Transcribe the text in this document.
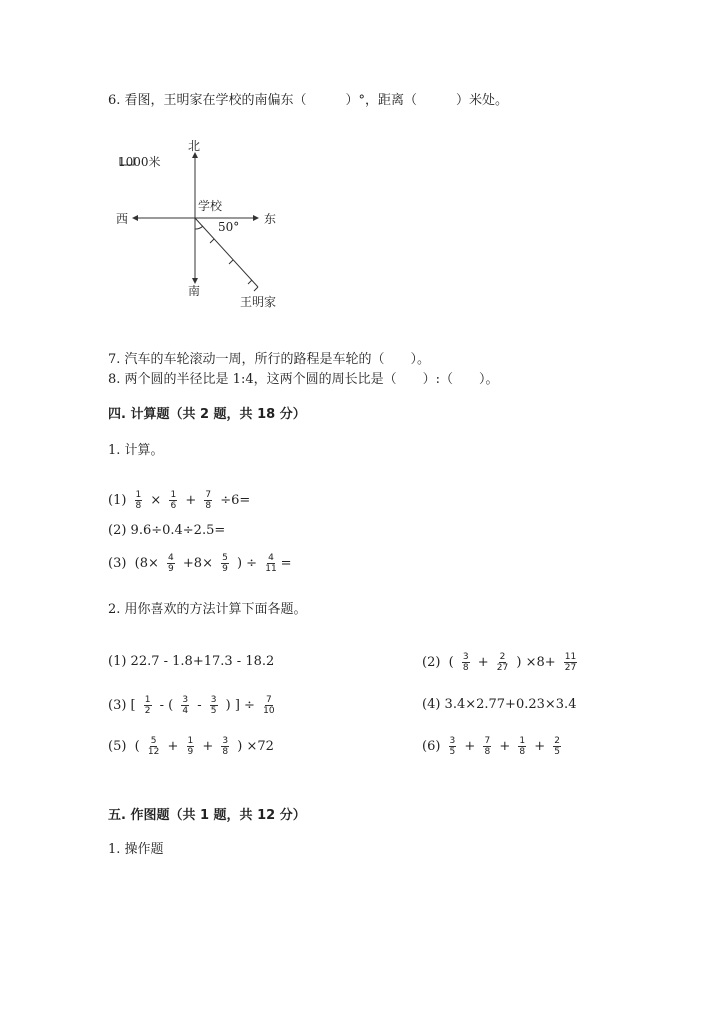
6. 看图，王明家在学校的南偏东（　　　）°，距离（　　　）米处。
北
南
东
西
学校
50°
1000米
王明家
7. 汽车的车轮滚动一周，所行的路程是车轮的（　　）。
8. 两个圆的半径比是 1:4，这两个圆的周长比是（　　）:（　　）。
四. 计算题（共 2 题，共 18 分）
1. 计算。
$(1) \frac{1}{8} \times \frac{1}{6} + \frac{7}{8} \div 6=$
(2) 9.6÷0.4÷2.5=
(3)  ($8\times \frac{4}{9} +8\times \frac{5}{9}$ ) ÷ $\frac{4}{11}$ =
2. 用你喜欢的方法计算下面各题。
(1) 22.7 - 1.8+17.3 - 18.2	(2)  ( $\frac{3}{8} + \frac{2}{27}$ ) $\times 8+ \frac{11}{27}$
(3) [ $\frac{1}{2}$ - ( $\frac{3}{4} - \frac{3}{5}$ ) ] ÷ $\frac{7}{10}$	(4) 3.4×2.77+0.23×3.4
(5)  ( $\frac{5}{12} + \frac{1}{9} + \frac{3}{8}$ ) ×72	$(6) \frac{3}{5} + \frac{7}{8} + \frac{1}{8} + \frac{2}{5}$
五. 作图题（共 1 题，共 12 分）
1. 操作题
